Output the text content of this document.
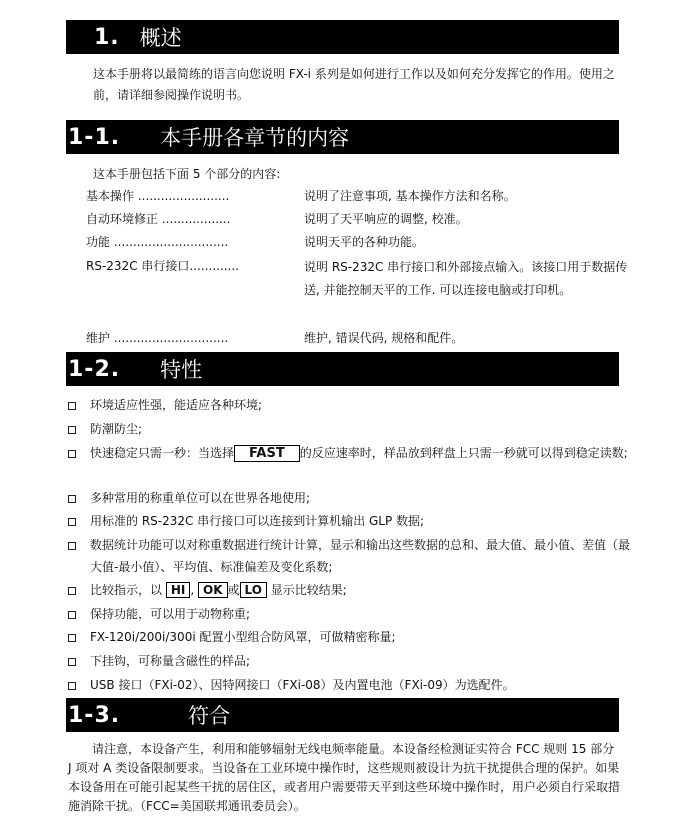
1. 概述
这本手册将以最简练的语言向您说明 FX-i 系列是如何进行工作以及如何充分发挥它的作用。使用之前，请详细参阅操作说明书。
1-1. 本手册各章节的内容
这本手册包括下面 5 个部分的内容:
基本操作 ........................	说明了注意事项, 基本操作方法和名称。
自动环境修正 ..................	说明了天平响应的调整, 校准。
功能 ..............................	说明天平的各种功能。
RS-232C 串行接口.............	说明 RS-232C 串行接口和外部接点输入。该接口用于数据传送, 并能控制天平的工作. 可以连接电脑或打印机。
维护 ..............................	维护, 错误代码, 规格和配件。
1-2. 特性
环境适应性强，能适应各种环境;
防潮防尘;
快速稳定只需一秒：当选择 FAST 的反应速率时，样品放到秤盘上只需一秒就可以得到稳定读数;
多种常用的称重单位可以在世界各地使用;
用标准的 RS-232C 串行接口可以连接到计算机输出 GLP 数据;
数据统计功能可以对称重数据进行统计计算，显示和输出这些数据的总和、最大值、最小值、差值（最大值-最小值）、平均值、标准偏差及变化系数;
比较指示，以 HI , OK 或 LO 显示比较结果;
保持功能，可以用于动物称重;
FX-120i/200i/300i 配置小型组合防风罩，可做精密称量;
下挂钩，可称量含磁性的样品;
USB 接口（FXi-02）、因特网接口（FXi-08）及内置电池（FXi-09）为选配件。
1-3.	符合
请注意，本设备产生，利用和能够辐射无线电频率能量。本设备经检测证实符合 FCC 规则 15 部分 J 项对 A 类设备限制要求。当设备在工业环境中操作时，这些规则被设计为抗干扰提供合理的保护。如果本设备用在可能引起某些干扰的居住区，或者用户需要带天平到这些环境中操作时，用户必须自行采取措施消除干扰。（FCC=美国联邦通讯委员会）。
